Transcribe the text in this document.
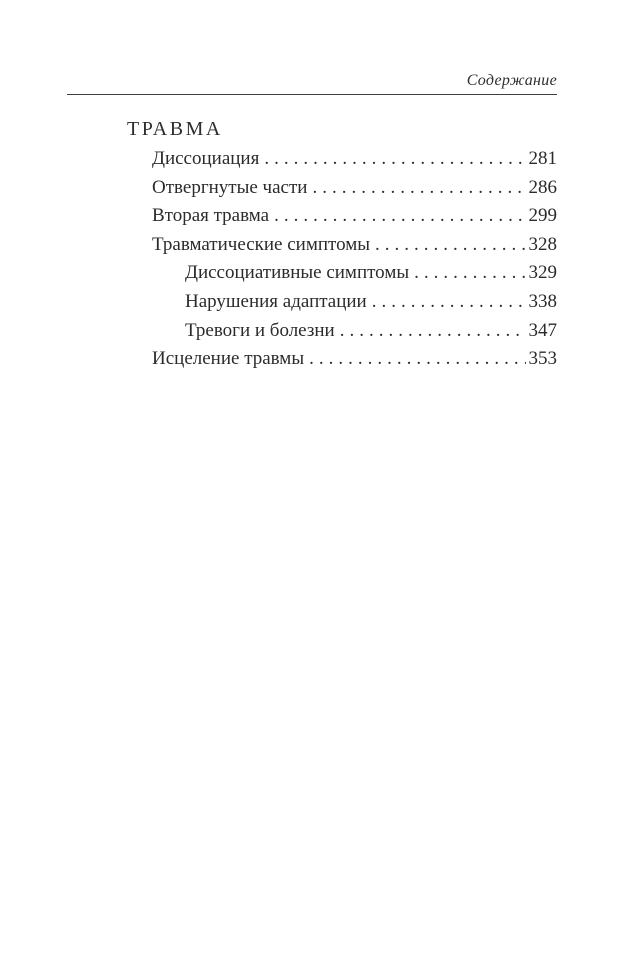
Содержание
ТРАВМА
Диссоциация .....	281
Отвергнутые части .....	286
Вторая травма .....	299
Травматические симптомы .....	328
Диссоциативные симптомы .....	329
Нарушения адаптации .....	338
Тревоги и болезни .....	347
Исцеление травмы .....	353
